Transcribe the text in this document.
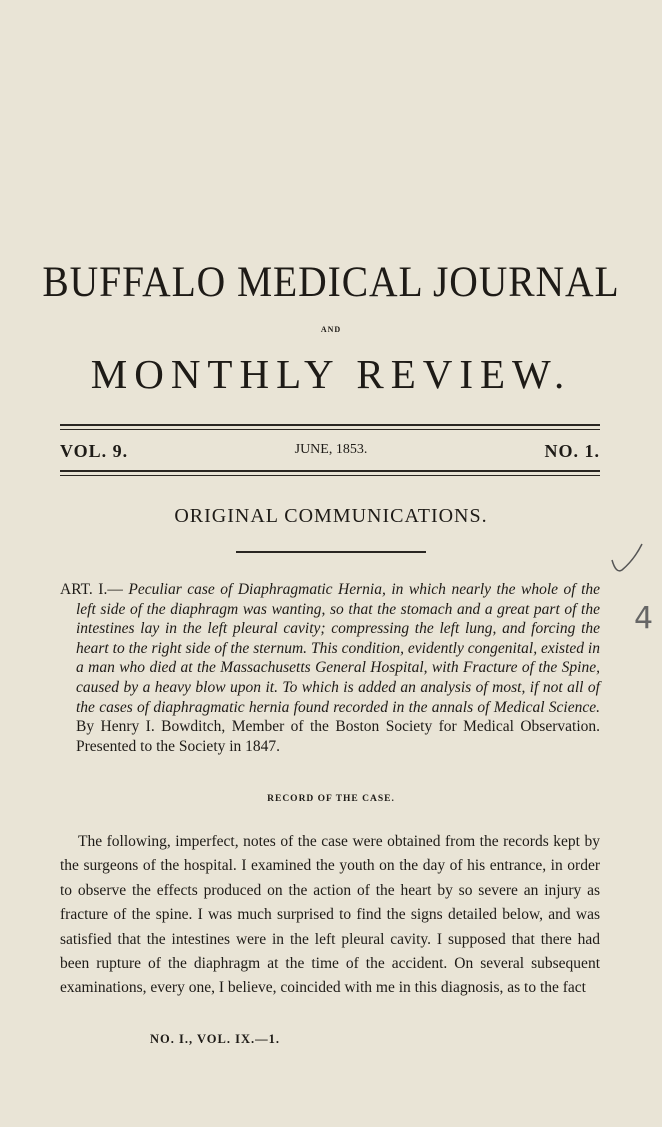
BUFFALO MEDICAL JOURNAL
AND
MONTHLY REVIEW.
VOL. 9.	JUNE, 1853.	NO. 1.
ORIGINAL COMMUNICATIONS.

ART. I.— Peculiar case of Diaphragmatic Hernia, in which nearly the whole of the left side of the diaphragm was wanting, so that the stomach and a great part of the intestines lay in the left pleural cavity; compressing the left lung, and forcing the heart to the right side of the sternum. This condition, evidently congenital, existed in a man who died at the Massachusetts General Hospital, with Fracture of the Spine, caused by a heavy blow upon it. To which is added an analysis of most, if not all of the cases of diaphragmatic hernia found recorded in the annals of Medical Science. By Henry I. Bowditch, Member of the Boston Society for Medical Observation. Presented to the Society in 1847.

RECORD OF THE CASE.

The following, imperfect, notes of the case were obtained from the records kept by the surgeons of the hospital. I examined the youth on the day of his entrance, in order to observe the effects produced on the action of the heart by so severe an injury as fracture of the spine. I was much surprised to find the signs detailed below, and was satisfied that the intestines were in the left pleural cavity. I supposed that there had been rupture of the diaphragm at the time of the accident. On several subsequent examinations, every one, I believe, coincided with me in this diagnosis, as to the fact

NO. I., VOL. IX.—1.
4
